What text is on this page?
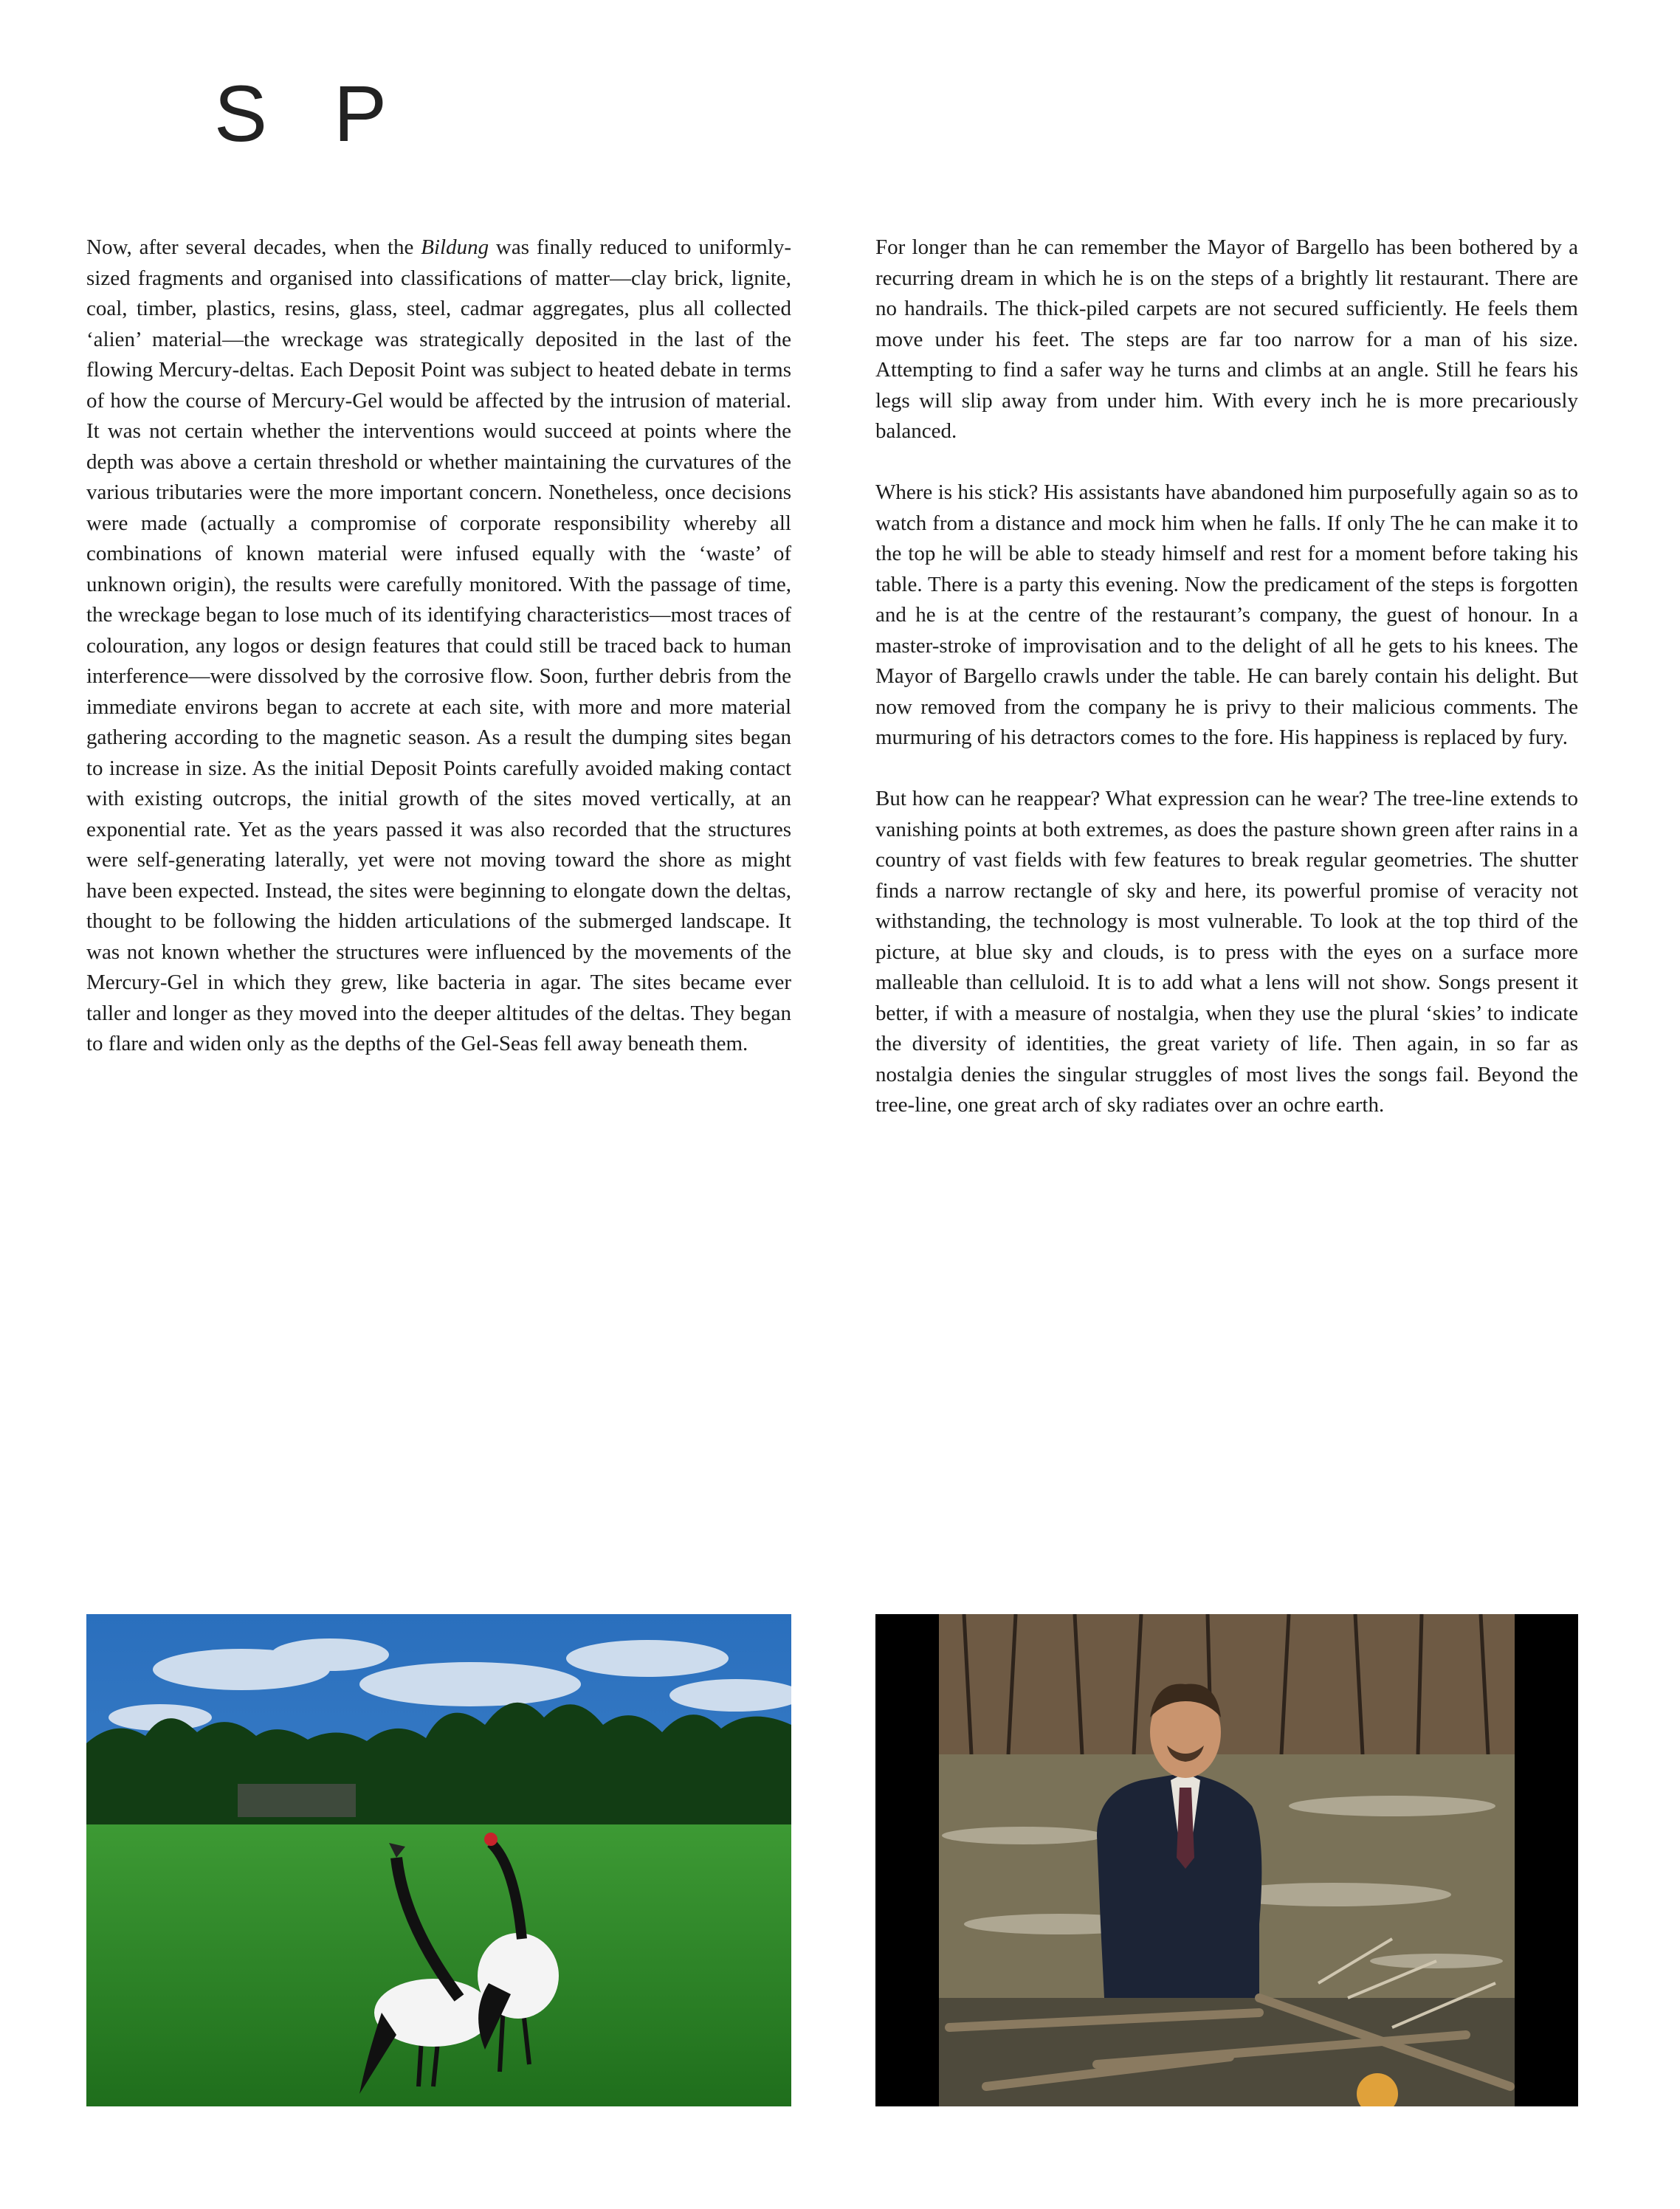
S P

Now, after several decades, when the Bildung was finally reduced to uniformly-sized fragments and organised into classifications of matter—clay brick, lignite, coal, timber, plastics, resins, glass, steel, cadmar aggregates, plus all collected ‘alien’ material—the wreckage was strategically deposited in the last of the flowing Mercury-deltas. Each Deposit Point was subject to heated debate in terms of how the course of Mercury-Gel would be affected by the intrusion of material. It was not certain whether the interventions would succeed at points where the depth was above a certain threshold or whether maintaining the curvatures of the various tributaries were the more important concern. Nonetheless, once decisions were made (actually a compromise of corporate responsibility whereby all combinations of known material were infused equally with the ‘waste’ of unknown origin), the results were carefully monitored. With the passage of time, the wreckage began to lose much of its identifying characteristics—most traces of colouration, any logos or design features that could still be traced back to human interference—were dissolved by the corrosive flow. Soon, further debris from the immediate environs began to accrete at each site, with more and more material gathering according to the magnetic season. As a result the dumping sites began to increase in size. As the initial Deposit Points carefully avoided making contact with existing outcrops, the initial growth of the sites moved vertically, at an exponential rate. Yet as the years passed it was also recorded that the structures were self-generating laterally, yet were not moving toward the shore as might have been expected. Instead, the sites were beginning to elongate down the deltas, thought to be following the hidden articulations of the submerged landscape. It was not known whether the structures were influenced by the movements of the Mercury-Gel in which they grew, like bacteria in agar. The sites became ever taller and longer as they moved into the deeper altitudes of the deltas. They began to flare and widen only as the depths of the Gel-Seas fell away beneath them.

For longer than he can remember the Mayor of Bargello has been bothered by a recurring dream in which he is on the steps of a brightly lit restaurant. There are no handrails. The thick-piled carpets are not secured sufficiently. He feels them move under his feet. The steps are far too narrow for a man of his size. Attempting to find a safer way he turns and climbs at an angle. Still he fears his legs will slip away from under him. With every inch he is more precariously balanced.

Where is his stick? His assistants have abandoned him purposefully again so as to watch from a distance and mock him when he falls. If only The he can make it to the top he will be able to steady himself and rest for a moment before taking his table. There is a party this evening. Now the predicament of the steps is forgotten and he is at the centre of the restaurant’s company, the guest of honour. In a master-stroke of improvisation and to the delight of all he gets to his knees. The Mayor of Bargello crawls under the table. He can barely contain his delight. But now removed from the company he is privy to their malicious comments. The murmuring of his detractors comes to the fore. His happiness is replaced by fury.

But how can he reappear? What expression can he wear? The tree-line extends to vanishing points at both extremes, as does the pasture shown green after rains in a country of vast fields with few features to break regular geometries. The shutter finds a narrow rectangle of sky and here, its powerful promise of veracity not withstanding, the technology is most vulnerable. To look at the top third of the picture, at blue sky and clouds, is to press with the eyes on a surface more malleable than celluloid. It is to add what a lens will not show. Songs present it better, if with a measure of nostalgia, when they use the plural ‘skies’ to indicate the diversity of identities, the great variety of life. Then again, in so far as nostalgia denies the singular struggles of most lives the songs fail. Beyond the tree-line, one great arch of sky radiates over an ochre earth.
